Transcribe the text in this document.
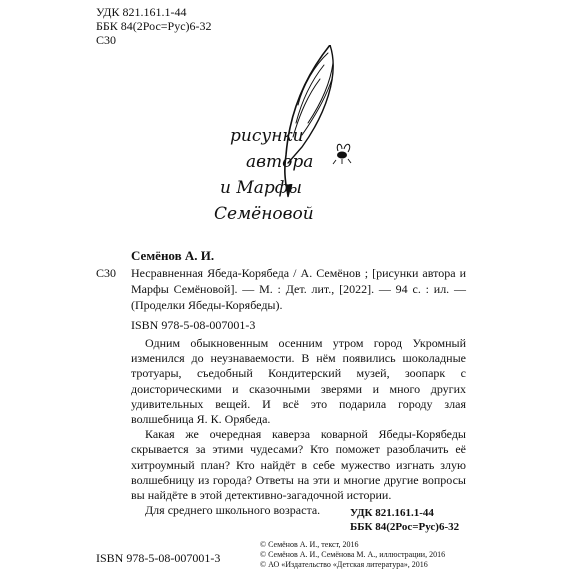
УДК 821.161.1-44
ББК 84(2Рос=Рус)6-32
С30
рисунки
автора
и Марфы
Семёновой
Семёнов А. И.
С30 Несравненная Ябеда-Корябеда / А. Семёнов ; [рисунки автора и Марфы Семёновой]. — М. : Дет. лит., [2022]. — 94 с. : ил. — (Проделки Ябеды-Корябеды).
ISBN 978-5-08-007001-3

Одним обыкновенным осенним утром город Укромный изменился до неузнаваемости. В нём появились шоколадные тротуары, съедобный Кондитерский музей, зоопарк с доисторическими и сказочными зверями и много других удивительных вещей. И всё это подарила городу злая волшебница Я. К. Орябеда.

Какая же очередная каверза коварной Ябеды-Корябеды скрывается за этими чудесами? Кто поможет разоблачить её хитроумный план? Кто найдёт в себе мужество изгнать злую волшебницу из города? Ответы на эти и многие другие вопросы вы найдёте в этой детективно-загадочной истории.

Для среднего школьного возраста.	УДК 821.161.1-44
ББК 84(2Рос=Рус)6-32
ISBN 978-5-08-007001-3
© Семёнов А. И., текст, 2016
© Семёнов А. И., Семёнова М. А., иллюстрации, 2016
© АО «Издательство «Детская литература», 2016
